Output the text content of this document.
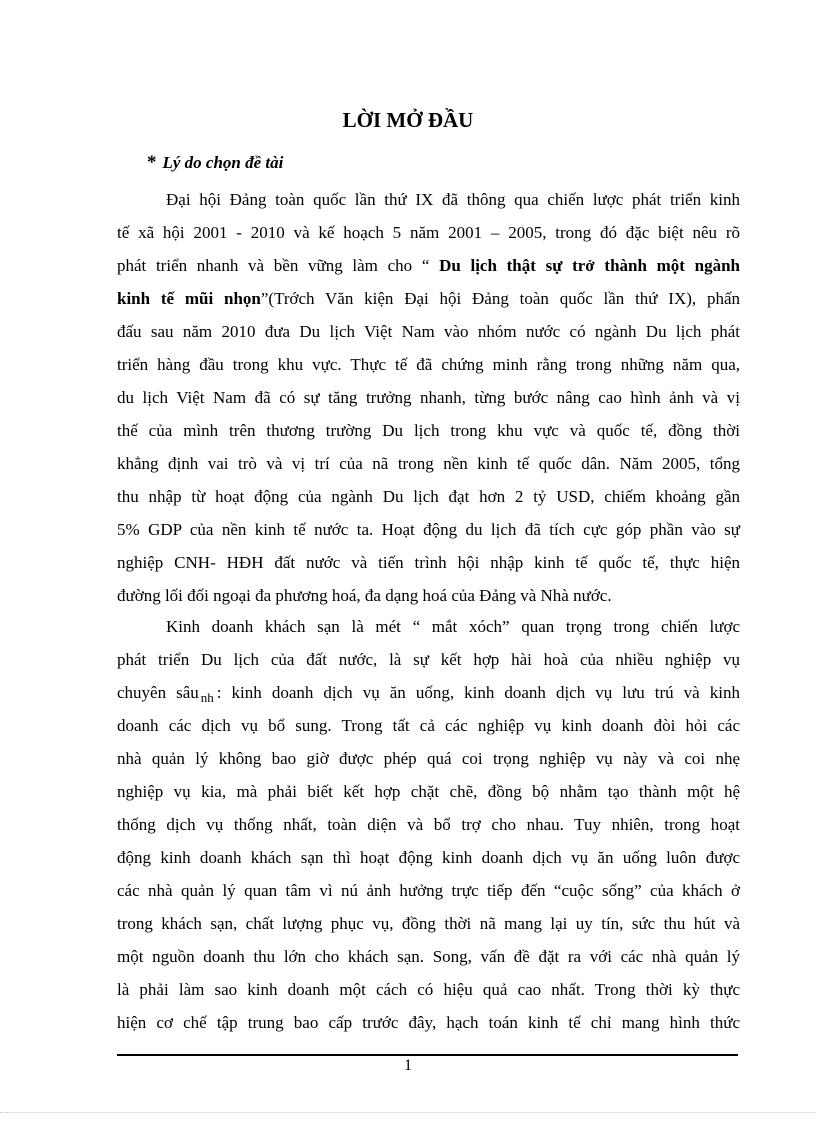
LỜI MỞ ĐẦU
* Lý do chọn đề tài
Đại hội Đảng toàn quốc lần thứ IX đã thông qua chiến lược phát triển kinh
tế xã hội 2001 - 2010 và kế hoạch 5 năm 2001 – 2005, trong đó đặc biệt nêu rõ
phát triển nhanh và bền vững làm cho “ Du lịch thật sự trở thành một ngành
kinh tế mũi nhọn”(Trớch Văn kiện Đại hội Đảng toàn quốc lần thứ IX), phấn
đấu sau năm 2010 đưa Du lịch Việt Nam vào nhóm nước có ngành Du lịch phát
triển hàng đầu trong khu vực. Thực tế đã chứng minh rằng trong những năm qua,
du lịch Việt Nam đã có sự tăng trưởng nhanh, từng bước nâng cao hình ảnh và vị
thế của mình trên thương trường Du lịch trong khu vực và quốc tế, đồng thời
khẳng định vai trò và vị trí của nã trong nền kinh tế quốc dân. Năm 2005, tổng
thu nhập từ hoạt động của ngành Du lịch đạt hơn 2 tỷ USD, chiếm khoảng gần
5% GDP của nền kinh tế nước ta. Hoạt động du lịch đã tích cực góp phần vào sự
nghiệp CNH- HĐH đất nước và tiến trình hội nhập kinh tế quốc tế, thực hiện
đường lối đối ngoại đa phương hoá, đa dạng hoá của Đảng và Nhà nước.
Kinh doanh khách sạn là mét “ mắt xóch” quan trọng trong chiến lược
phát triển Du lịch của đất nước, là sự kết hợp hài hoà của nhiều nghiệp vụ
chuyên sâu $_{nh}$ : kinh doanh dịch vụ ăn uống, kinh doanh dịch vụ lưu trú và kinh
doanh các dịch vụ bổ sung. Trong tất cả các nghiệp vụ kinh doanh đòi hỏi các
nhà quản lý không bao giờ được phép quá coi trọng nghiệp vụ này và coi nhẹ
nghiệp vụ kia, mà phải biết kết hợp chặt chẽ, đồng bộ nhằm tạo thành một hệ
thống dịch vụ thống nhất, toàn diện và bổ trợ cho nhau. Tuy nhiên, trong hoạt
động kinh doanh khách sạn thì hoạt động kinh doanh dịch vụ ăn uống luôn được
các nhà quản lý quan tâm vì nú ảnh hưởng trực tiếp đến “cuộc sống” của khách ở
trong khách sạn, chất lượng phục vụ, đồng thời nã mang lại uy tín, sức thu hút và
một nguồn doanh thu lớn cho khách sạn. Song, vấn đề đặt ra với các nhà quản lý
là phải làm sao kinh doanh một cách có hiệu quả cao nhất. Trong thời kỳ thực
hiện cơ chế tập trung bao cấp trước đây, hạch toán kinh tế chỉ mang hình thức
1
